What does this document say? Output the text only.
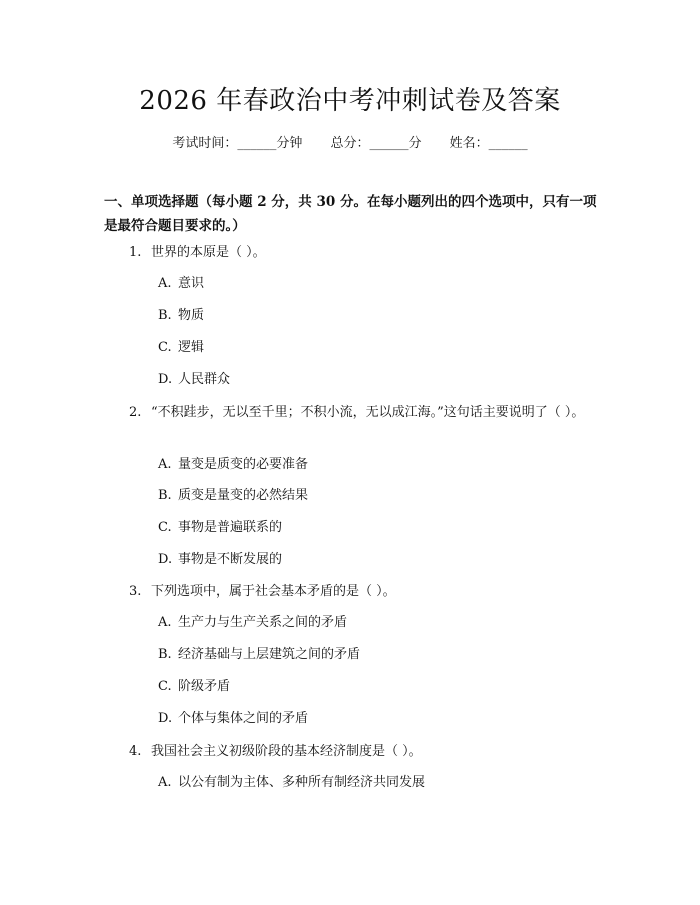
2026 年春政治中考冲刺试卷及答案
考试时间：______分钟 总分：______分 姓名：______

一、单项选择题（每小题 2 分，共 30 分。在每小题列出的四个选项中，只有一项是最符合题目要求的。）

1. 世界的本原是（ ）。
A. 意识
B. 物质
C. 逻辑
D. 人民群众
2. “不积跬步，无以至千里；不积小流，无以成江海。”这句话主要说明了（ ）。
A. 量变是质变的必要准备
B. 质变是量变的必然结果
C. 事物是普遍联系的
D. 事物是不断发展的
3. 下列选项中，属于社会基本矛盾的是（ ）。
A. 生产力与生产关系之间的矛盾
B. 经济基础与上层建筑之间的矛盾
C. 阶级矛盾
D. 个体与集体之间的矛盾
4. 我国社会主义初级阶段的基本经济制度是（ ）。
A. 以公有制为主体、多种所有制经济共同发展
